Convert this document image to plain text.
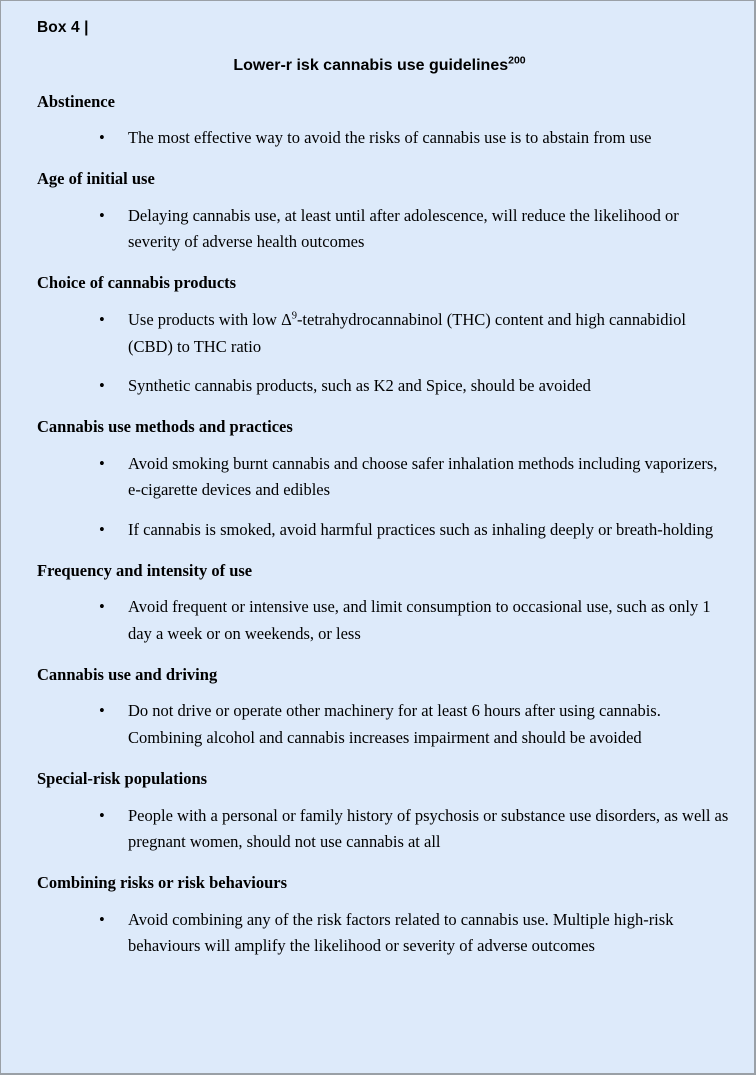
Box 4 |
Lower-r isk cannabis use guidelines$^{200}$
Abstinence
• The most effective way to avoid the risks of cannabis use is to abstain from use
Age of initial use
• Delaying cannabis use, at least until after adolescence, will reduce the likelihood or severity of adverse health outcomes
Choice of cannabis products
• Use products with low $\Delta^9$-tetrahydrocannabinol (THC) content and high cannabidiol (CBD) to THC ratio
• Synthetic cannabis products, such as K2 and Spice, should be avoided
Cannabis use methods and practices
• Avoid smoking burnt cannabis and choose safer inhalation methods including vaporizers, e-cigarette devices and edibles
• If cannabis is smoked, avoid harmful practices such as inhaling deeply or breath-holding
Frequency and intensity of use
• Avoid frequent or intensive use, and limit consumption to occasional use, such as only 1 day a week or on weekends, or less
Cannabis use and driving
• Do not drive or operate other machinery for at least 6 hours after using cannabis. Combining alcohol and cannabis increases impairment and should be avoided
Special-risk populations
• People with a personal or family history of psychosis or substance use disorders, as well as pregnant women, should not use cannabis at all
Combining risks or risk behaviours
• Avoid combining any of the risk factors related to cannabis use. Multiple high-risk behaviours will amplify the likelihood or severity of adverse outcomes
